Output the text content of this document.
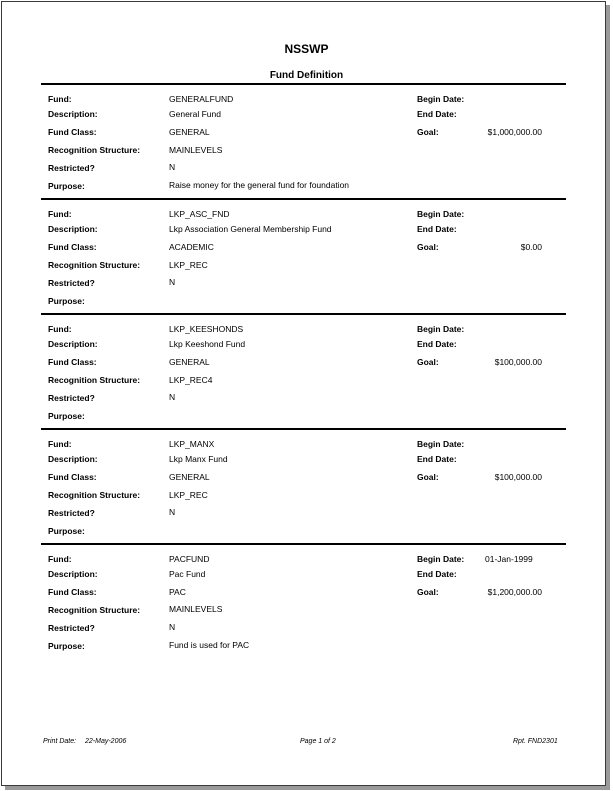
NSSWP
Fund Definition
Fund:	GENERALFUND
Description:	General Fund
Fund Class:	GENERAL
Recognition Structure:	MAINLEVELS
Restricted?	N
Purpose:	Raise money for the general fund for foundation
Begin Date:
End Date:
Goal:	$1,000,000.00
Fund:	LKP_ASC_FND
Description:	Lkp Association General Membership Fund
Fund Class:	ACADEMIC
Recognition Structure:	LKP_REC
Restricted?	N
Purpose:
Begin Date:
End Date:
Goal:	$0.00
Fund:	LKP_KEESHONDS
Description:	Lkp Keeshond Fund
Fund Class:	GENERAL
Recognition Structure:	LKP_REC4
Restricted?	N
Purpose:
Begin Date:
End Date:
Goal:	$100,000.00
Fund:	LKP_MANX
Description:	Lkp Manx Fund
Fund Class:	GENERAL
Recognition Structure:	LKP_REC
Restricted?	N
Purpose:
Begin Date:
End Date:
Goal:	$100,000.00
Fund:	PACFUND
Description:	Pac Fund
Fund Class:	PAC
Recognition Structure:	MAINLEVELS
Restricted?	N
Purpose:	Fund is used for PAC
Begin Date: 01-Jan-1999
End Date:
Goal:	$1,200,000.00
Print Date: 22-May-2006	Page 1 of 2	Rpt. FND2301
